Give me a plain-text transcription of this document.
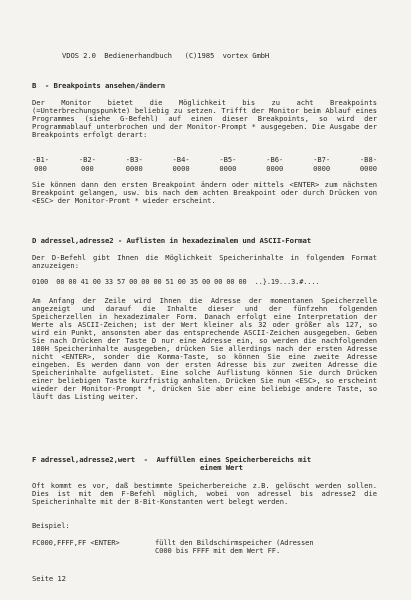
VDOS 2.0  Bedienerhandbuch   (C)1985  vortex GmbH
B  - Breakpoints ansehen/ändern
Der Monitor bietet die Möglichkeit bis zu acht Breakpoints (=Unterbrechungspunkte) beliebig zu setzen. Trifft der Monitor beim Ablauf eines Programmes (siehe G-Befehl) auf einen dieser Breakpoints, so wird der Programmablauf unterbrochen und der Monitor-Prompt * ausgegeben. Die Ausgabe der Breakpoints erfolgt derart:
-B1-
000
-B2-
000
-B3-
0000
-B4-
0000
-B5-
0000
-B6-
0000
-B7-
0000
-B8-
0000
Sie können dann den ersten Breakpoint ändern oder mittels <ENTER> zum nächsten Breakpoint gelangen, usw. bis nach dem achten Breakpoint oder durch Drücken von <ESC> der Monitor-Promt * wieder erscheint.
D adressel,adresse2 - Auflisten in hexadezimalem und ASCII-Format
Der D-Befehl gibt Ihnen die Möglichkeit Speicherinhalte in folgendem Format anzuzeigen:
0100  00 00 41 00 33 57 00 00 00 51 00 35 00 00 00 00  ..}.19...3.#....
Am Anfang der Zeile wird Ihnen die Adresse der momentanen Speicherzelle angezeigt und darauf die Inhalte dieser und der fünfzehn folgenden Speicherzellen in hexadezimaler Form. Danach erfolgt eine Interpretation der Werte als ASCII-Zeichen; ist der Wert kleiner als 32 oder größer als 127, so wird ein Punkt, ansonsten aber das entsprechende ASCII-Zeichen ausgegeben. Geben Sie nach Drücken der Taste D nur eine Adresse ein, so werden die nachfolgenden 100H Speicherinhalte ausgegeben, drücken Sie allerdings nach der ersten Adresse nicht <ENTER>, sonder die Komma-Taste, so können Sie eine zweite Adresse eingeben. Es werden dann von der ersten Adresse bis zur zweiten Adresse die Speicherinhalte aufgelistet. Eine solche Auflistung können Sie durch Drücken einer beliebigen Taste kurzfristig anhalten. Drücken Sie nun <ESC>, so erscheint wieder der Monitor-Prompt *, drücken Sie aber eine beliebige andere Taste, so läuft das Listing weiter.
F adressel,adresse2,wert  -  Auffüllen eines Speicherbereichs mit
einem Wert
Oft kommt es vor, daß bestimmte Speicherbereiche z.B. gelöscht werden sollen. Dies ist mit dem F-Befehl möglich, wobei von adressel bis adresse2 die Speicherinhalte mit der 8-Bit-Konstanten wert belegt werden.
Beispiel:
FC000,FFFF,FF <ENTER>	füllt den Bildschirmspeicher (Adressen
C000 bis FFFF mit dem Wert FF.
Seite 12
